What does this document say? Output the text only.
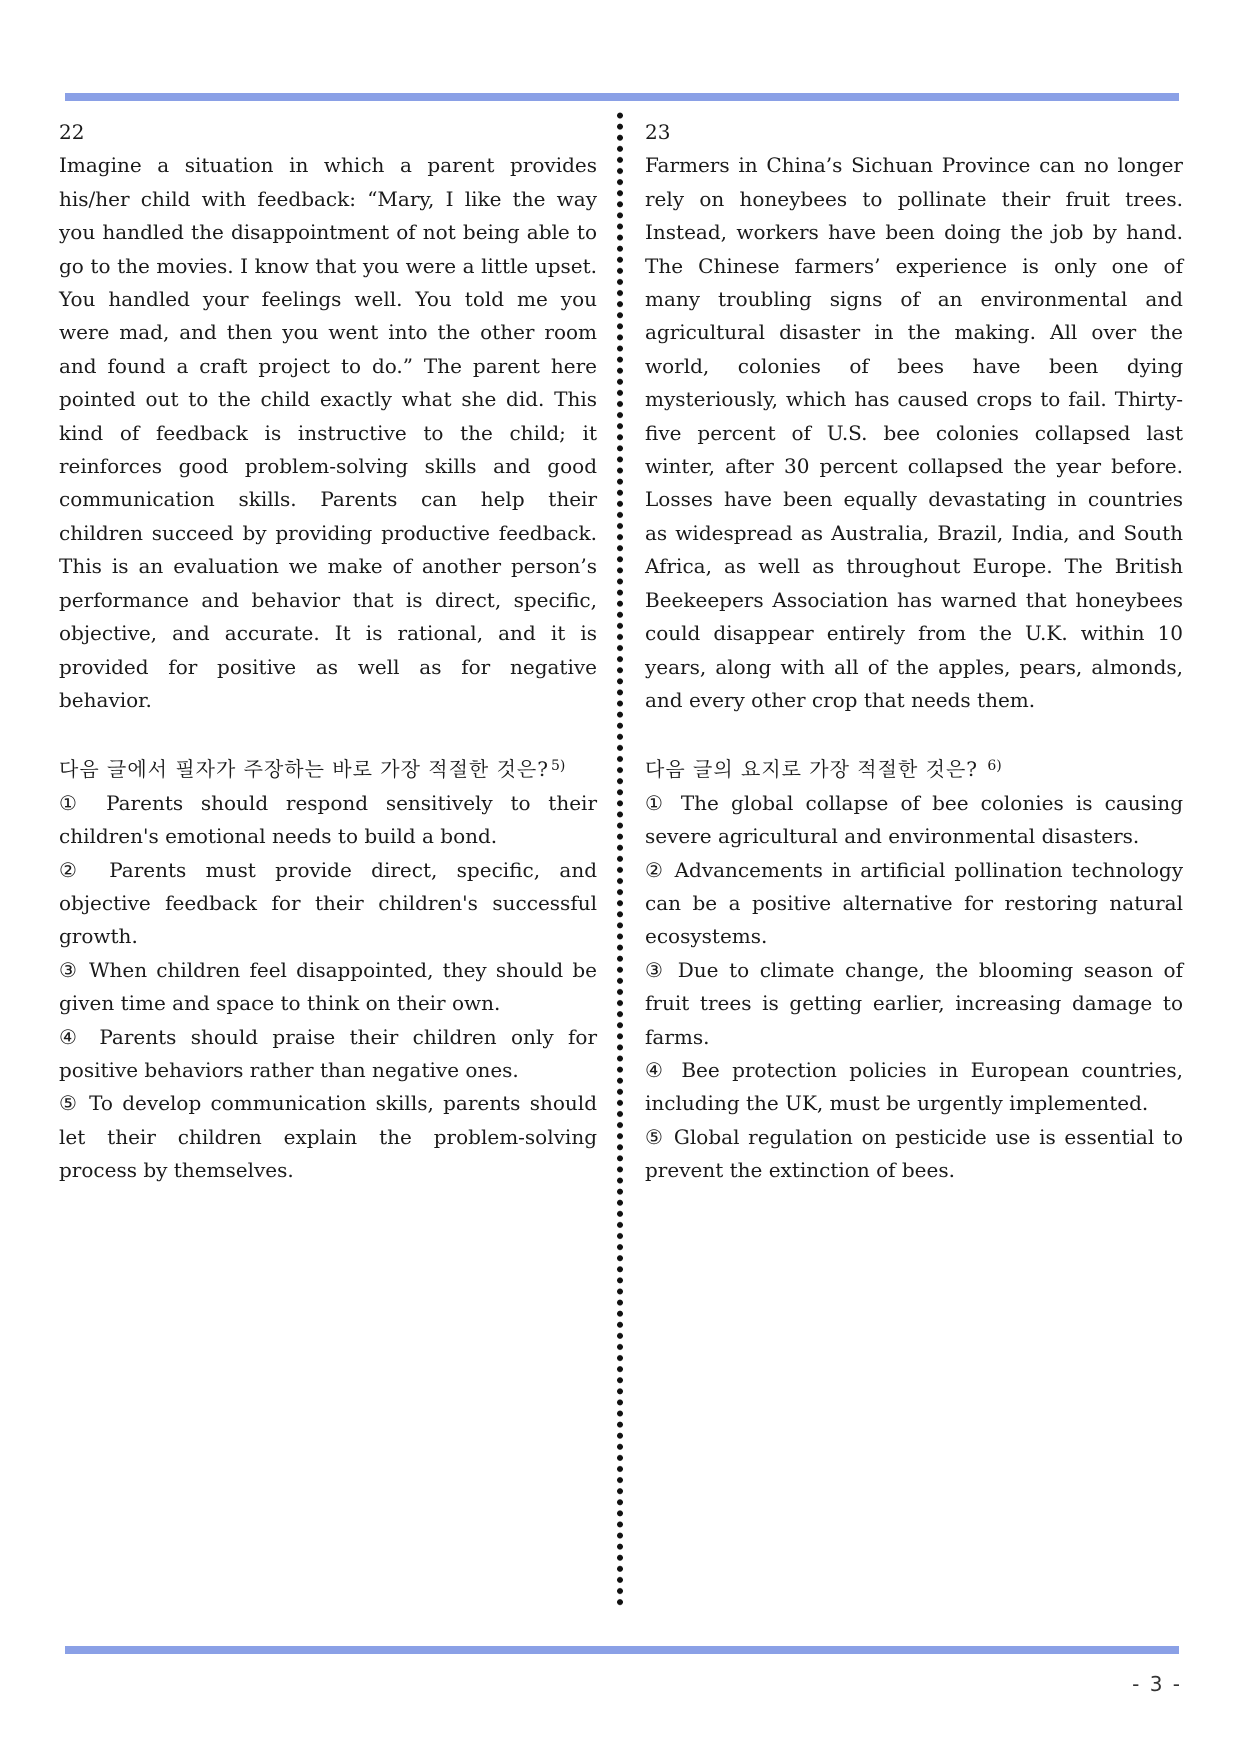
22

Imagine a situation in which a parent provides his/her child with feedback: “Mary, I like the way you handled the disappointment of not being able to go to the movies. I know that you were a little upset. You handled your feelings well. You told me you were mad, and then you went into the other room and found a craft project to do.” The parent here pointed out to the child exactly what she did. This kind of feedback is instructive to the child; it reinforces good problem-solving skills and good communication skills. Parents can help their children succeed by providing productive feedback. This is an evaluation we make of another person’s performance and behavior that is direct, specific, objective, and accurate. It is rational, and it is provided for positive as well as for negative behavior.

다음 글에서 필자가 주장하는 바로 가장 적절한 것은? $^{5)}$

① Parents should respond sensitively to their children's emotional needs to build a bond.

② Parents must provide direct, specific, and objective feedback for their children's successful growth.

③ When children feel disappointed, they should be given time and space to think on their own.

④ Parents should praise their children only for positive behaviors rather than negative ones.

⑤ To develop communication skills, parents should let their children explain the problem-solving process by themselves.

23

Farmers in China’s Sichuan Province can no longer rely on honeybees to pollinate their fruit trees. Instead, workers have been doing the job by hand. The Chinese farmers’ experience is only one of many troubling signs of an environmental and agricultural disaster in the making. All over the world, colonies of bees have been dying mysteriously, which has caused crops to fail. Thirty-five percent of U.S. bee colonies collapsed last winter, after 30 percent collapsed the year before. Losses have been equally devastating in countries as widespread as Australia, Brazil, India, and South Africa, as well as throughout Europe. The British Beekeepers Association has warned that honeybees could disappear entirely from the U.K. within 10 years, along with all of the apples, pears, almonds, and every other crop that needs them.

다음 글의 요지로 가장 적절한 것은? $^{6)}$

① The global collapse of bee colonies is causing severe agricultural and environmental disasters.

② Advancements in artificial pollination technology can be a positive alternative for restoring natural ecosystems.

③ Due to climate change, the blooming season of fruit trees is getting earlier, increasing damage to farms.

④ Bee protection policies in European countries, including the UK, must be urgently implemented.

⑤ Global regulation on pesticide use is essential to prevent the extinction of bees.

- 3 -
